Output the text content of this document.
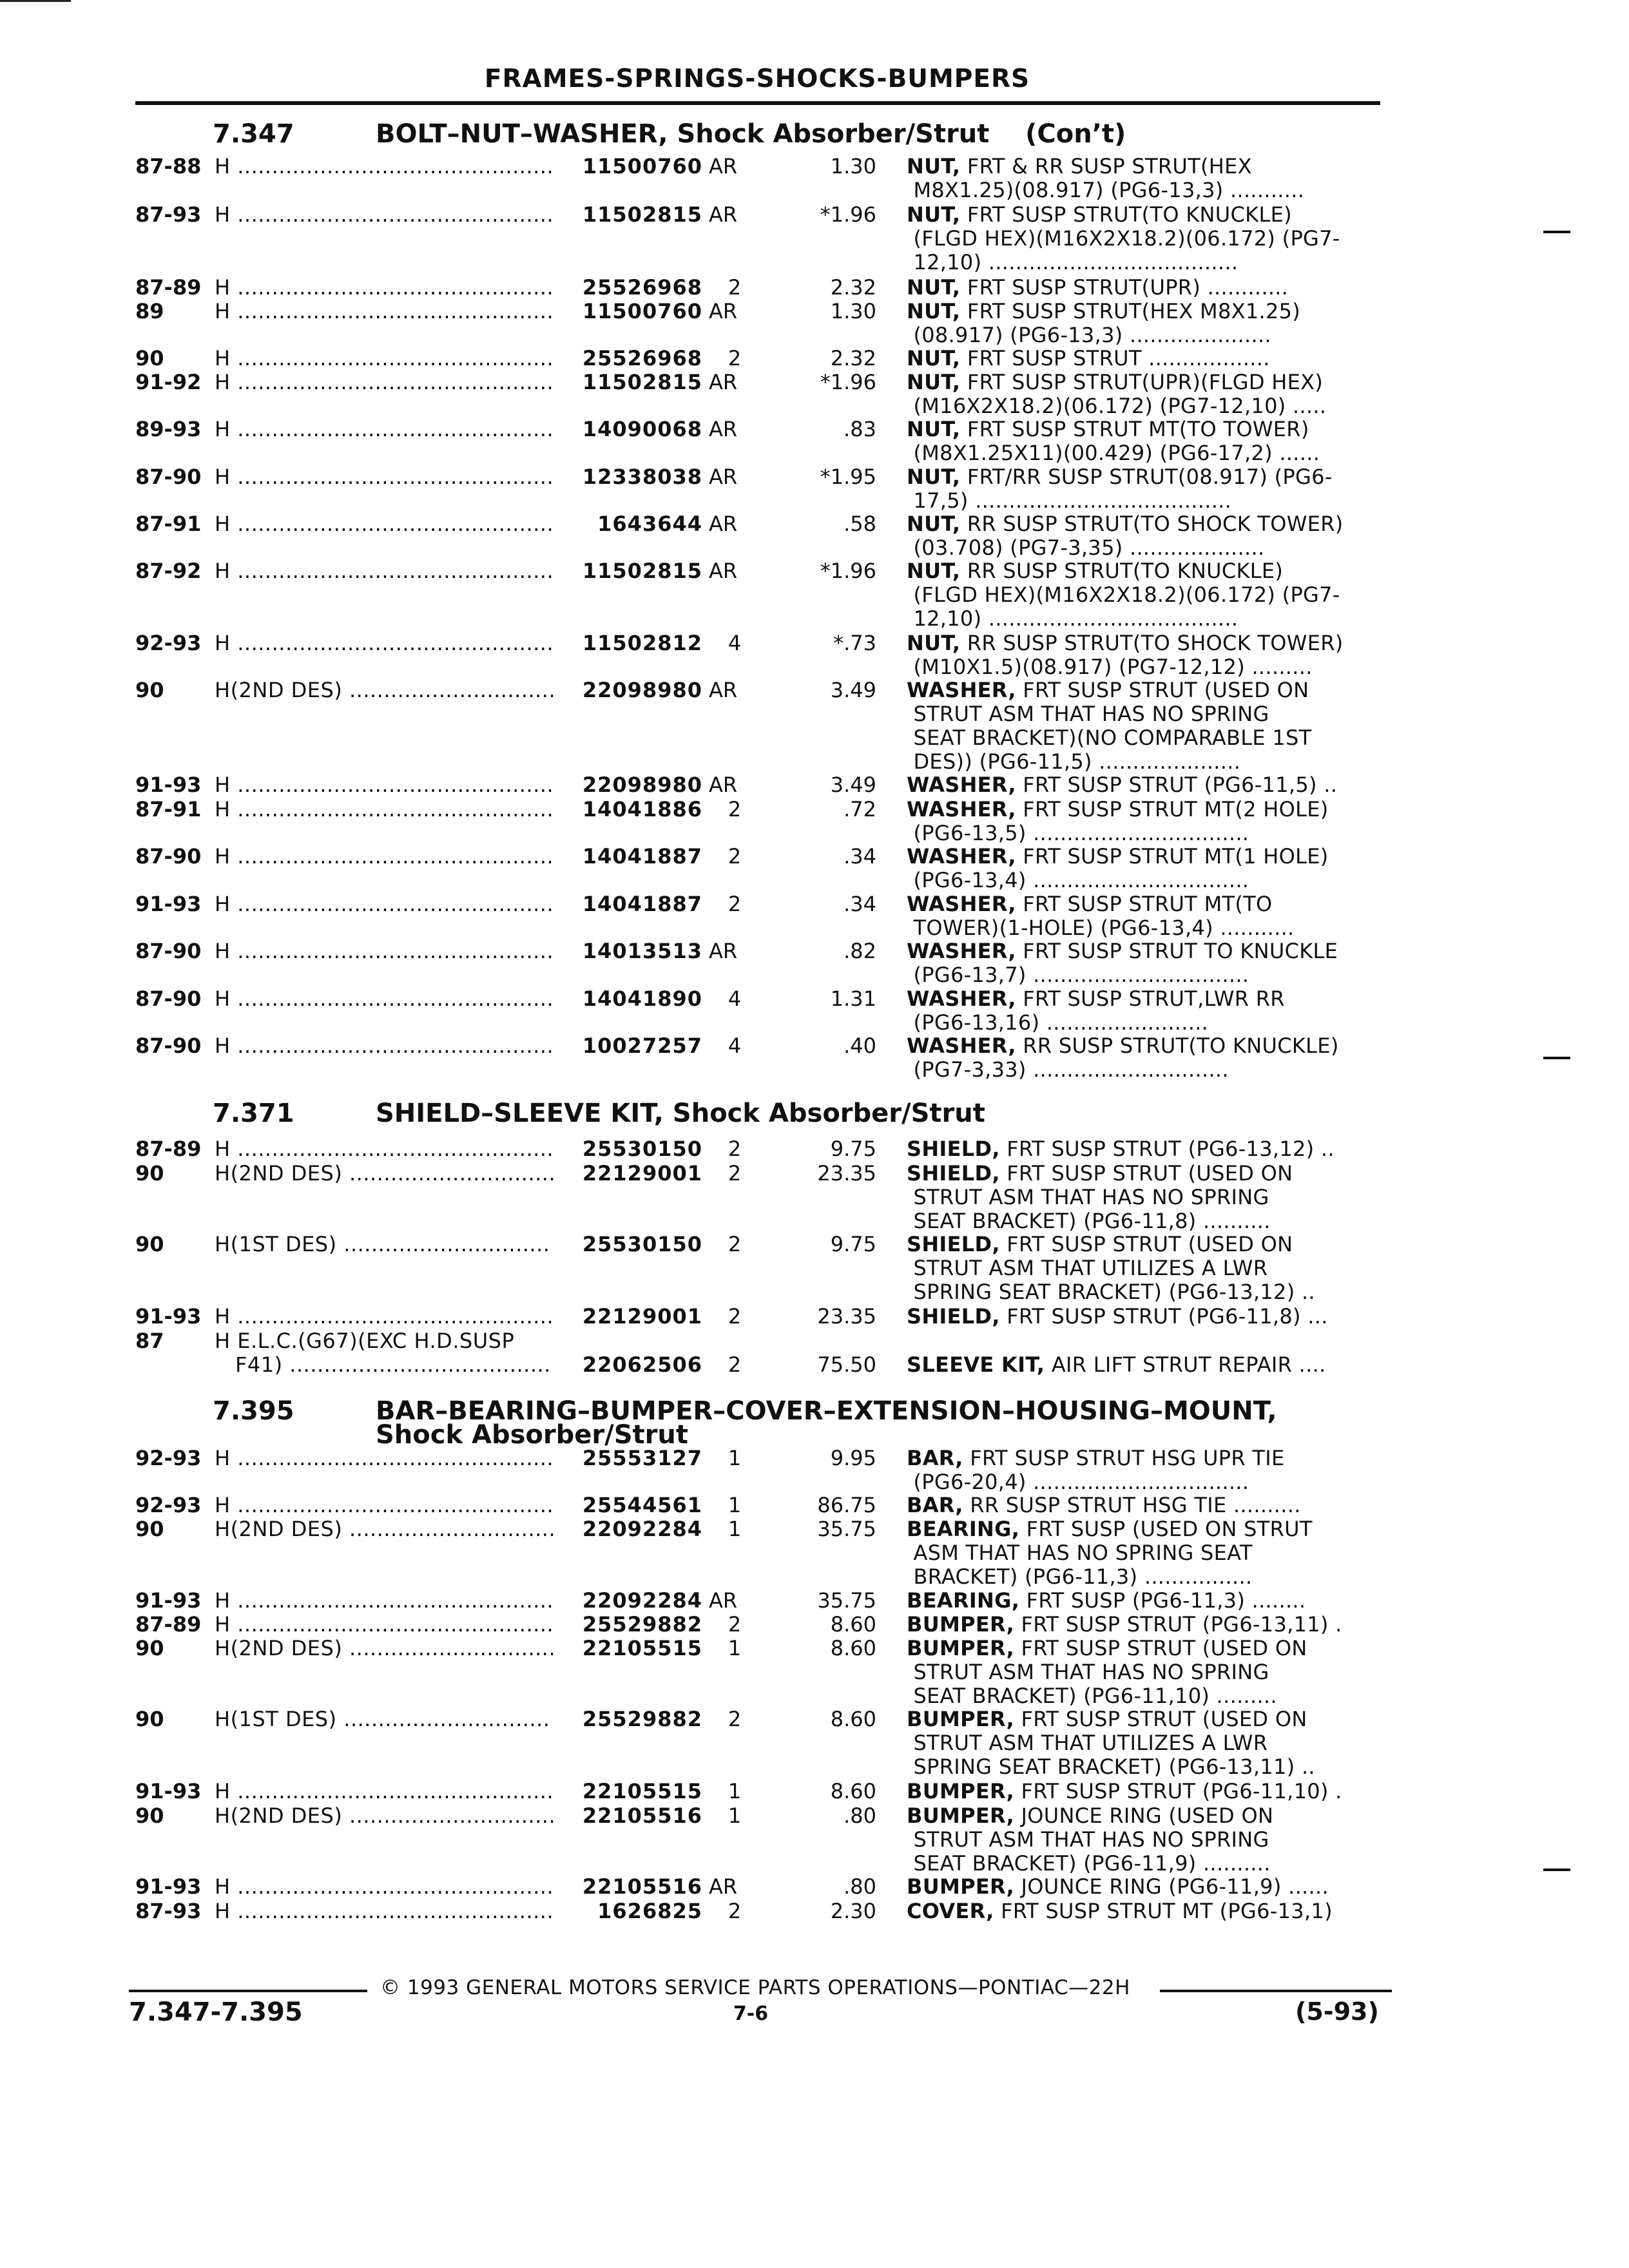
FRAMES-SPRINGS-SHOCKS-BUMPERS
7.347	BOLT–NUT–WASHER, Shock Absorber/Strut (Con’t)
7.371	SHIELD–SLEEVE KIT, Shock Absorber/Strut
7.395	BAR–BEARING–BUMPER–COVER–EXTENSION–HOUSING–MOUNT,
Shock Absorber/Strut
87-88 H ..............................................	11500760 AR	1.30 NUT, FRT & RR SUSP STRUT(HEX
M8X1.25)(08.917) (PG6-13,3) ...........
87-93 H ..............................................	11502815 AR	*1.96 NUT, FRT SUSP STRUT(TO KNUCKLE)
(FLGD HEX)(M16X2X18.2)(06.172) (PG7-
12,10) .....................................
87-89 H ..............................................	25526968	2	2.32 NUT, FRT SUSP STRUT(UPR) ............
89 H ..............................................	11500760 AR	1.30 NUT, FRT SUSP STRUT(HEX M8X1.25)
(08.917) (PG6-13,3) .....................
90 H ..............................................	25526968	2	2.32 NUT, FRT SUSP STRUT ..................
91-92 H ..............................................	11502815 AR	*1.96 NUT, FRT SUSP STRUT(UPR)(FLGD HEX)
(M16X2X18.2)(06.172) (PG7-12,10) .....
89-93 H ..............................................	14090068 AR	.83 NUT, FRT SUSP STRUT MT(TO TOWER)
(M8X1.25X11)(00.429) (PG6-17,2) ......
87-90 H ..............................................	12338038 AR	*1.95 NUT, FRT/RR SUSP STRUT(08.917) (PG6-
17,5) ......................................
87-91 H ..............................................	1643644 AR	.58 NUT, RR SUSP STRUT(TO SHOCK TOWER)
(03.708) (PG7-3,35) ....................
87-92 H ..............................................	11502815 AR	*1.96 NUT, RR SUSP STRUT(TO KNUCKLE)
(FLGD HEX)(M16X2X18.2)(06.172) (PG7-
12,10) .....................................
92-93 H ..............................................	11502812	4	*.73 NUT, RR SUSP STRUT(TO SHOCK TOWER)
(M10X1.5)(08.917) (PG7-12,12) .........
90 H(2ND DES) ..............................	22098980 AR	3.49 WASHER, FRT SUSP STRUT (USED ON
STRUT ASM THAT HAS NO SPRING
SEAT BRACKET)(NO COMPARABLE 1ST
DES)) (PG6-11,5) .....................
91-93 H ..............................................	22098980 AR	3.49 WASHER, FRT SUSP STRUT (PG6-11,5) ..
87-91 H ..............................................	14041886	2	.72 WASHER, FRT SUSP STRUT MT(2 HOLE)
(PG6-13,5) ................................
87-90 H ..............................................	14041887	2	.34 WASHER, FRT SUSP STRUT MT(1 HOLE)
(PG6-13,4) ................................
91-93 H ..............................................	14041887	2	.34 WASHER, FRT SUSP STRUT MT(TO
TOWER)(1-HOLE) (PG6-13,4) ...........
87-90 H ..............................................	14013513 AR	.82 WASHER, FRT SUSP STRUT TO KNUCKLE
(PG6-13,7) ................................
87-90 H ..............................................	14041890	4	1.31 WASHER, FRT SUSP STRUT,LWR RR
(PG6-13,16) ........................
87-90 H ..............................................	10027257	4	.40 WASHER, RR SUSP STRUT(TO KNUCKLE)
(PG7-3,33) .............................
87-89 H ..............................................	25530150	2	9.75 SHIELD, FRT SUSP STRUT (PG6-13,12) ..
90 H(2ND DES) ..............................	22129001	2	23.35 SHIELD, FRT SUSP STRUT (USED ON
STRUT ASM THAT HAS NO SPRING
SEAT BRACKET) (PG6-11,8) ..........
90 H(1ST DES) ..............................	25530150	2	9.75 SHIELD, FRT SUSP STRUT (USED ON
STRUT ASM THAT UTILIZES A LWR
SPRING SEAT BRACKET) (PG6-13,12) ..
91-93 H ..............................................	22129001	2	23.35 SHIELD, FRT SUSP STRUT (PG6-11,8) ...
87 H E.L.C.(G67)(EXC H.D.SUSP
F41) ......................................	22062506	2	75.50 SLEEVE KIT, AIR LIFT STRUT REPAIR ....
92-93 H ..............................................	25553127	1	9.95 BAR, FRT SUSP STRUT HSG UPR TIE
(PG6-20,4) ................................
92-93 H ..............................................	25544561	1	86.75 BAR, RR SUSP STRUT HSG TIE ..........
90 H(2ND DES) ..............................	22092284	1	35.75 BEARING, FRT SUSP (USED ON STRUT
ASM THAT HAS NO SPRING SEAT
BRACKET) (PG6-11,3) ................
91-93 H ..............................................	22092284 AR	35.75 BEARING, FRT SUSP (PG6-11,3) ........
87-89 H ..............................................	25529882	2	8.60 BUMPER, FRT SUSP STRUT (PG6-13,11) .
90 H(2ND DES) ..............................	22105515	1	8.60 BUMPER, FRT SUSP STRUT (USED ON
STRUT ASM THAT HAS NO SPRING
SEAT BRACKET) (PG6-11,10) .........
90 H(1ST DES) ..............................	25529882	2	8.60 BUMPER, FRT SUSP STRUT (USED ON
STRUT ASM THAT UTILIZES A LWR
SPRING SEAT BRACKET) (PG6-13,11) ..
91-93 H ..............................................	22105515	1	8.60 BUMPER, FRT SUSP STRUT (PG6-11,10) .
90 H(2ND DES) ..............................	22105516	1	.80 BUMPER, JOUNCE RING (USED ON
STRUT ASM THAT HAS NO SPRING
SEAT BRACKET) (PG6-11,9) ..........
91-93 H ..............................................	22105516 AR	.80 BUMPER, JOUNCE RING (PG6-11,9) ......
87-93 H ..............................................	1626825	2	2.30 COVER, FRT SUSP STRUT MT (PG6-13,1)
© 1993 GENERAL MOTORS SERVICE PARTS OPERATIONS—PONTIAC—22H
7.347-7.395	7-6	(5-93)
